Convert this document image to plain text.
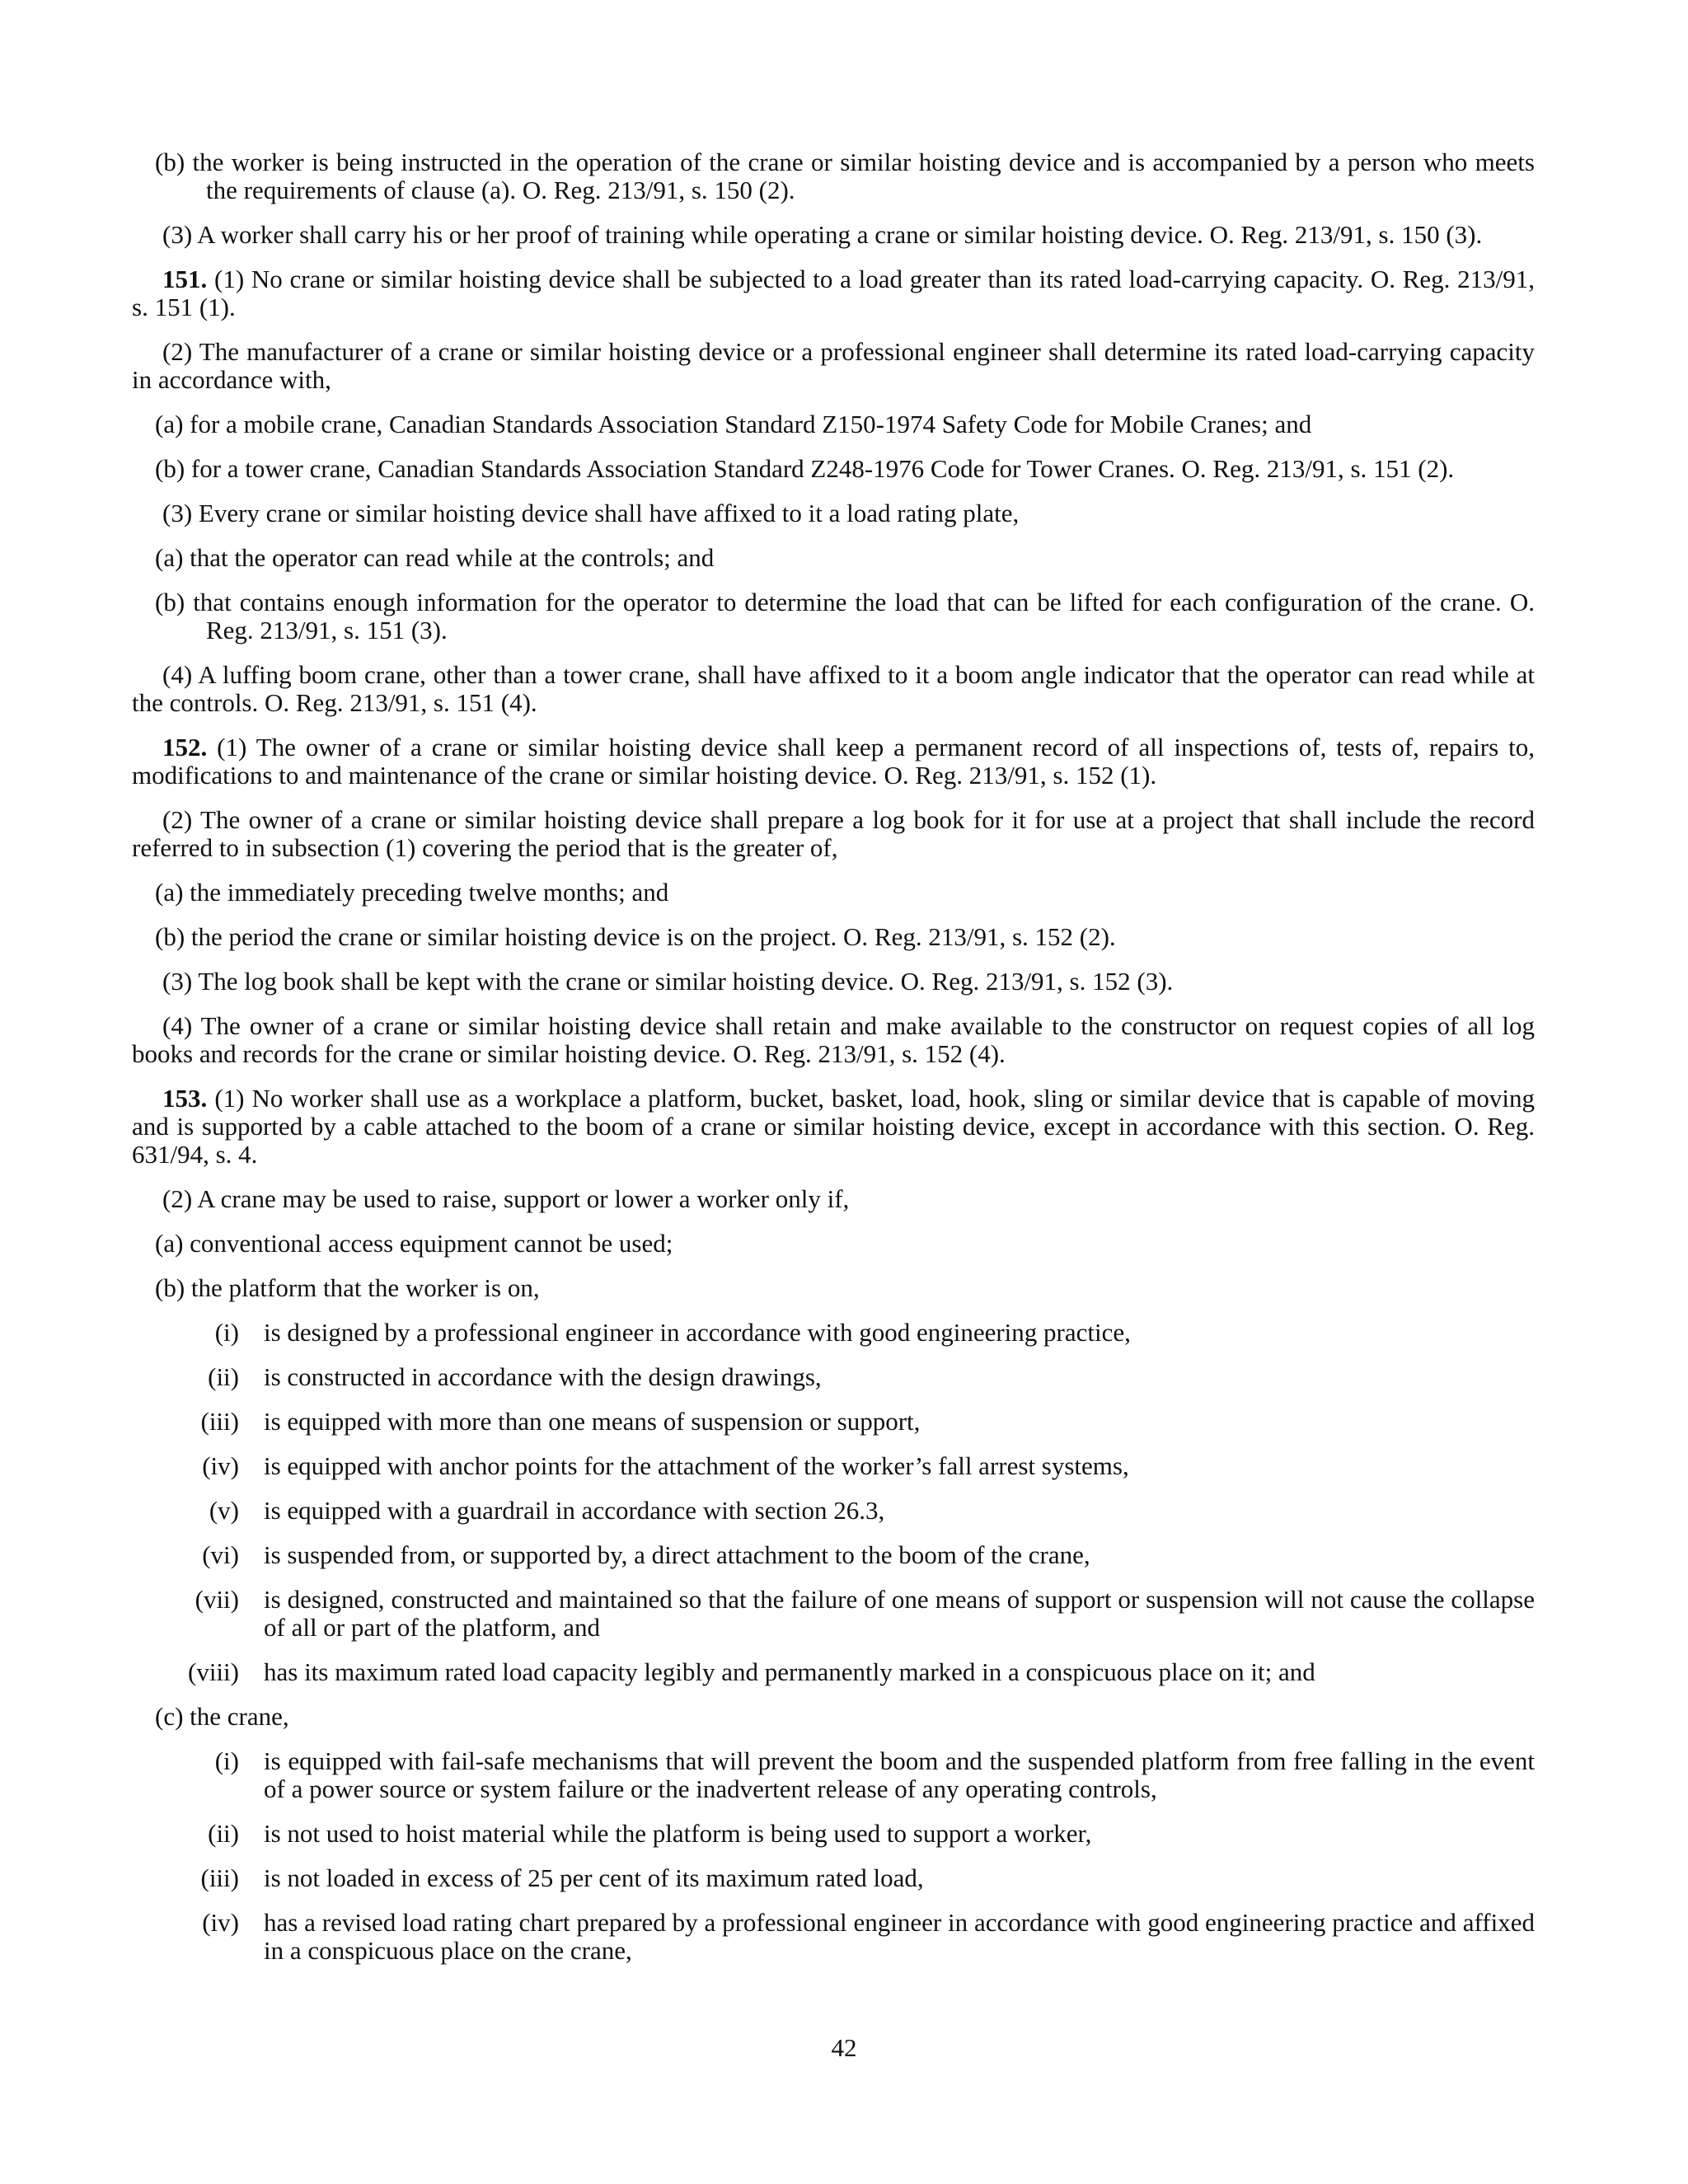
(b) the worker is being instructed in the operation of the crane or similar hoisting device and is accompanied by a person who meets the requirements of clause (a). O. Reg. 213/91, s. 150 (2).

(3) A worker shall carry his or her proof of training while operating a crane or similar hoisting device. O. Reg. 213/91, s. 150 (3).

151. (1) No crane or similar hoisting device shall be subjected to a load greater than its rated load-carrying capacity. O. Reg. 213/91, s. 151 (1).

(2) The manufacturer of a crane or similar hoisting device or a professional engineer shall determine its rated load-carrying capacity in accordance with,

(a) for a mobile crane, Canadian Standards Association Standard Z150-1974 Safety Code for Mobile Cranes; and

(b) for a tower crane, Canadian Standards Association Standard Z248-1976 Code for Tower Cranes. O. Reg. 213/91, s. 151 (2).

(3) Every crane or similar hoisting device shall have affixed to it a load rating plate,

(a) that the operator can read while at the controls; and

(b) that contains enough information for the operator to determine the load that can be lifted for each configuration of the crane. O. Reg. 213/91, s. 151 (3).

(4) A luffing boom crane, other than a tower crane, shall have affixed to it a boom angle indicator that the operator can read while at the controls. O. Reg. 213/91, s. 151 (4).

152. (1) The owner of a crane or similar hoisting device shall keep a permanent record of all inspections of, tests of, repairs to, modifications to and maintenance of the crane or similar hoisting device. O. Reg. 213/91, s. 152 (1).

(2) The owner of a crane or similar hoisting device shall prepare a log book for it for use at a project that shall include the record referred to in subsection (1) covering the period that is the greater of,

(a) the immediately preceding twelve months; and

(b) the period the crane or similar hoisting device is on the project. O. Reg. 213/91, s. 152 (2).

(3) The log book shall be kept with the crane or similar hoisting device. O. Reg. 213/91, s. 152 (3).

(4) The owner of a crane or similar hoisting device shall retain and make available to the constructor on request copies of all log books and records for the crane or similar hoisting device. O. Reg. 213/91, s. 152 (4).

153. (1) No worker shall use as a workplace a platform, bucket, basket, load, hook, sling or similar device that is capable of moving and is supported by a cable attached to the boom of a crane or similar hoisting device, except in accordance with this section. O. Reg. 631/94, s. 4.

(2) A crane may be used to raise, support or lower a worker only if,

(a) conventional access equipment cannot be used;

(b) the platform that the worker is on,

(i) is designed by a professional engineer in accordance with good engineering practice,

(ii) is constructed in accordance with the design drawings,

(iii) is equipped with more than one means of suspension or support,

(iv) is equipped with anchor points for the attachment of the worker’s fall arrest systems,

(v) is equipped with a guardrail in accordance with section 26.3,

(vi) is suspended from, or supported by, a direct attachment to the boom of the crane,

(vii) is designed, constructed and maintained so that the failure of one means of support or suspension will not cause the collapse of all or part of the platform, and

(viii) has its maximum rated load capacity legibly and permanently marked in a conspicuous place on it; and

(c) the crane,

(i) is equipped with fail-safe mechanisms that will prevent the boom and the suspended platform from free falling in the event of a power source or system failure or the inadvertent release of any operating controls,

(ii) is not used to hoist material while the platform is being used to support a worker,

(iii) is not loaded in excess of 25 per cent of its maximum rated load,

(iv) has a revised load rating chart prepared by a professional engineer in accordance with good engineering practice and affixed in a conspicuous place on the crane,

42
